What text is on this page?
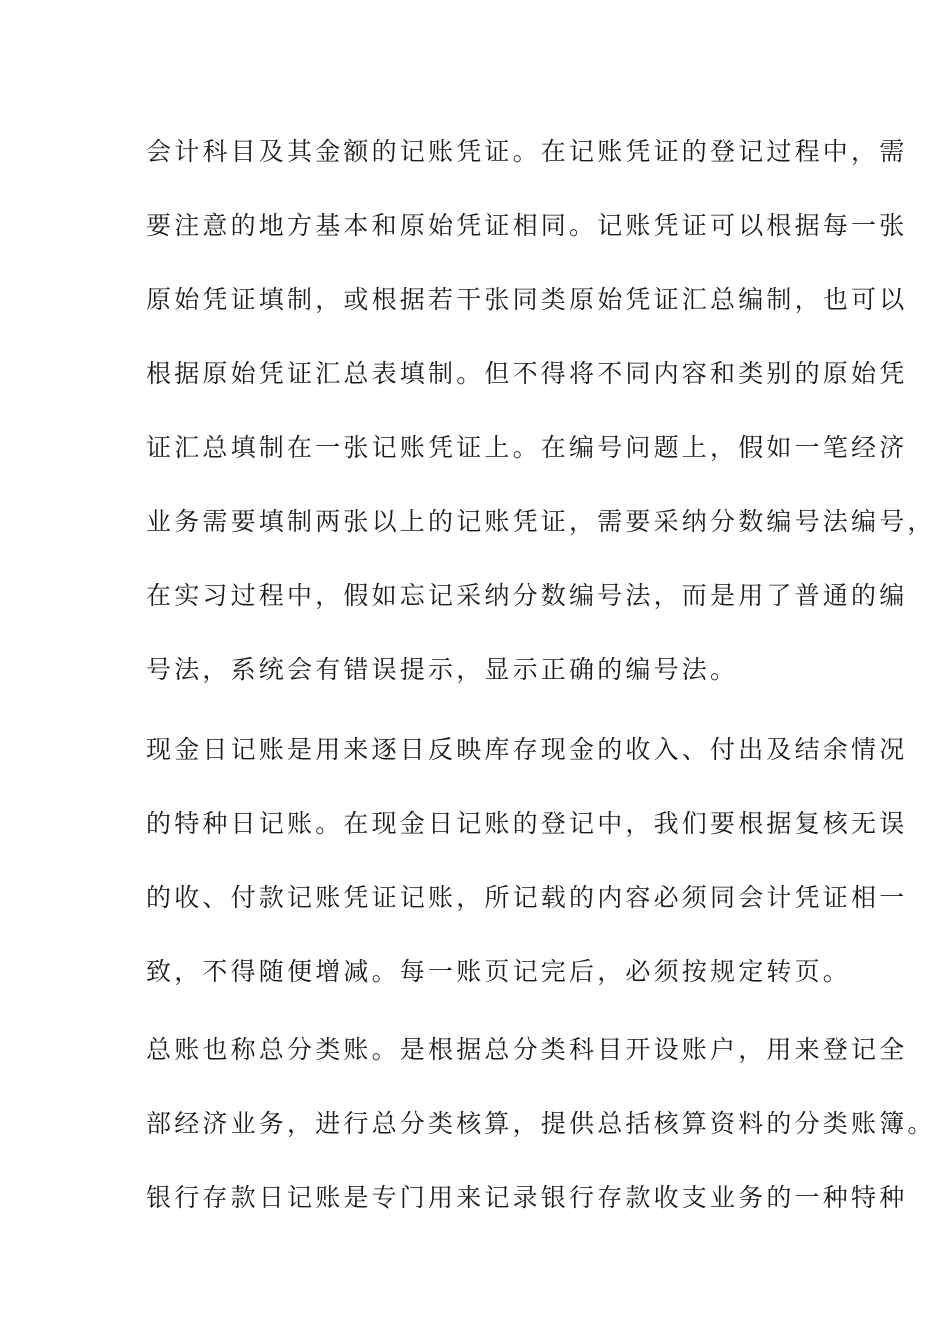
会计科目及其金额的记账凭证。在记账凭证的登记过程中，需
要注意的地方基本和原始凭证相同。记账凭证可以根据每一张
原始凭证填制，或根据若干张同类原始凭证汇总编制，也可以
根据原始凭证汇总表填制。但不得将不同内容和类别的原始凭
证汇总填制在一张记账凭证上。在编号问题上，假如一笔经济
业务需要填制两张以上的记账凭证，需要采纳分数编号法编号，
在实习过程中，假如忘记采纳分数编号法，而是用了普通的编
号法，系统会有错误提示，显示正确的编号法。
现金日记账是用来逐日反映库存现金的收入、付出及结余情况
的特种日记账。在现金日记账的登记中，我们要根据复核无误
的收、付款记账凭证记账，所记载的内容必须同会计凭证相一
致，不得随便增减。每一账页记完后，必须按规定转页。
总账也称总分类账。是根据总分类科目开设账户，用来登记全
部经济业务，进行总分类核算，提供总括核算资料的分类账簿。
银行存款日记账是专门用来记录银行存款收支业务的一种特种
